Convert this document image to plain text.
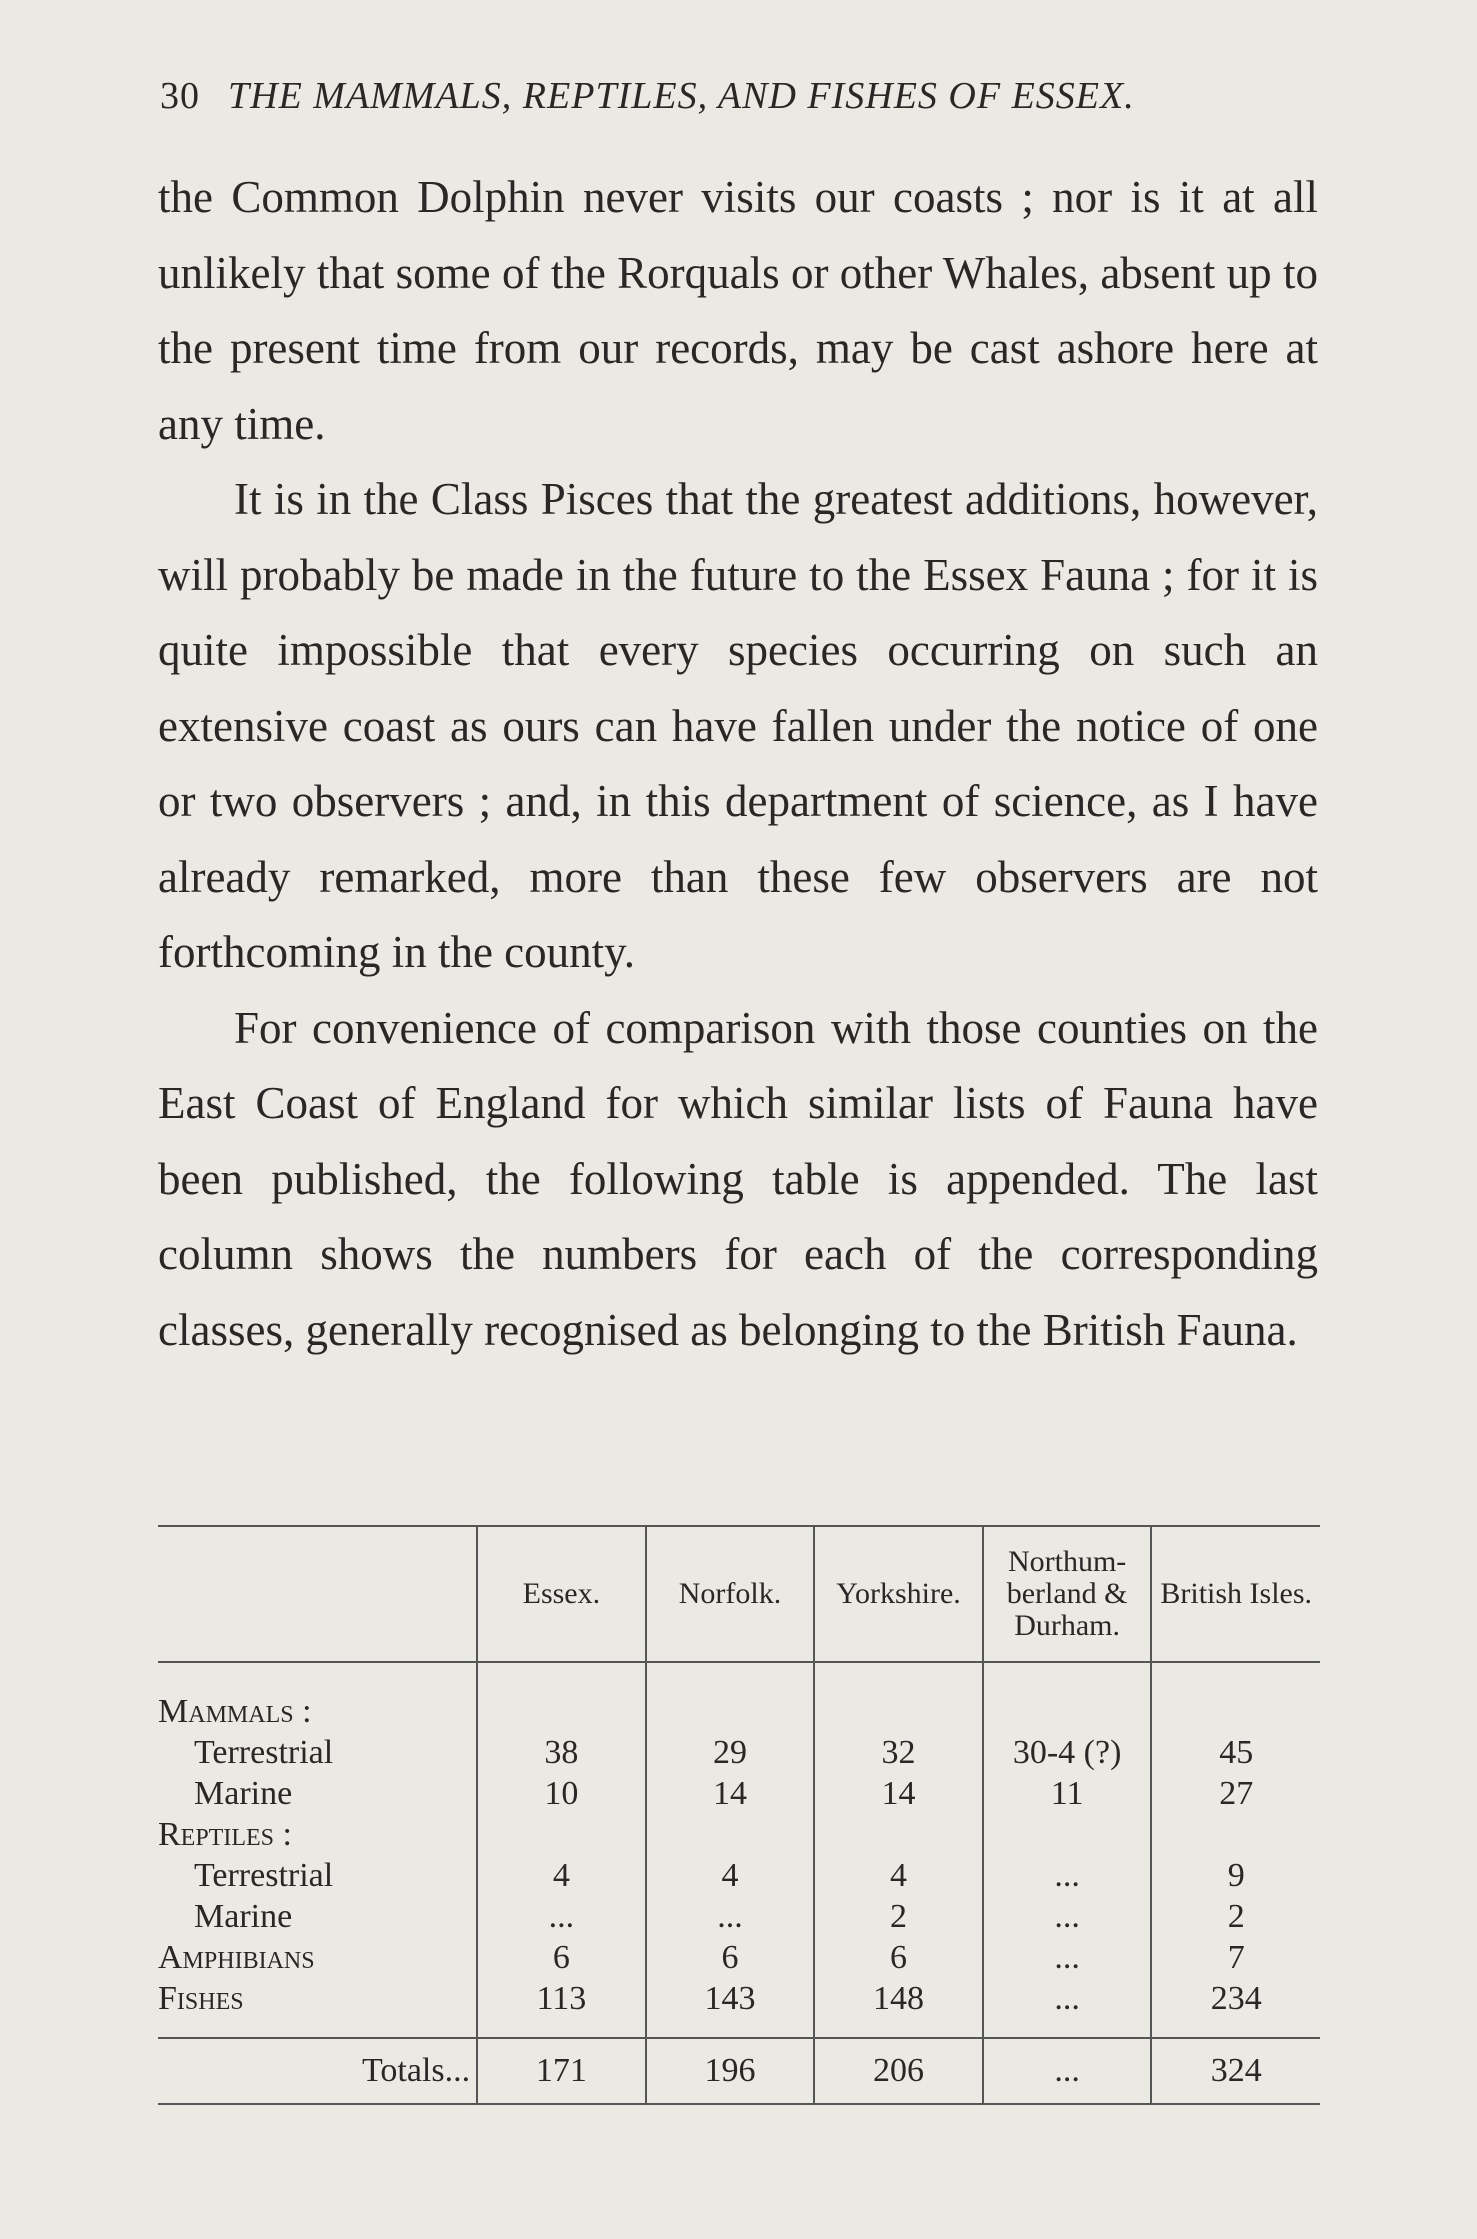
30 THE MAMMALS, REPTILES, AND FISHES OF ESSEX.

the Common Dolphin never visits our coasts ; nor is it at all unlikely that some of the Rorquals or other Whales, absent up to the present time from our records, may be cast ashore here at any time.

It is in the Class Pisces that the greatest additions, however, will probably be made in the future to the Essex Fauna ; for it is quite impossible that every species occurring on such an extensive coast as ours can have fallen under the notice of one or two observers ; and, in this department of science, as I have already remarked, more than these few observers are not forthcoming in the county.

For convenience of comparison with those counties on the East Coast of England for which similar lists of Fauna have been published, the following table is appended. The last column shows the numbers for each of the corresponding classes, generally recognised as belonging to the British Fauna.

	Essex.	Norfolk.	Yorkshire.	Northum-berland & Durham.	British Isles.
Mammals :					
Terrestrial	38	29	32	30-4 (?)	45
Marine	10	14	14	11	27
Reptiles :					
Terrestrial	4	4	4	...	9
Marine	...	...	2	...	2
Amphibians	6	6	6	...	7
Fishes	113	143	148	...	234

Totals...	171	196	206	...	324
